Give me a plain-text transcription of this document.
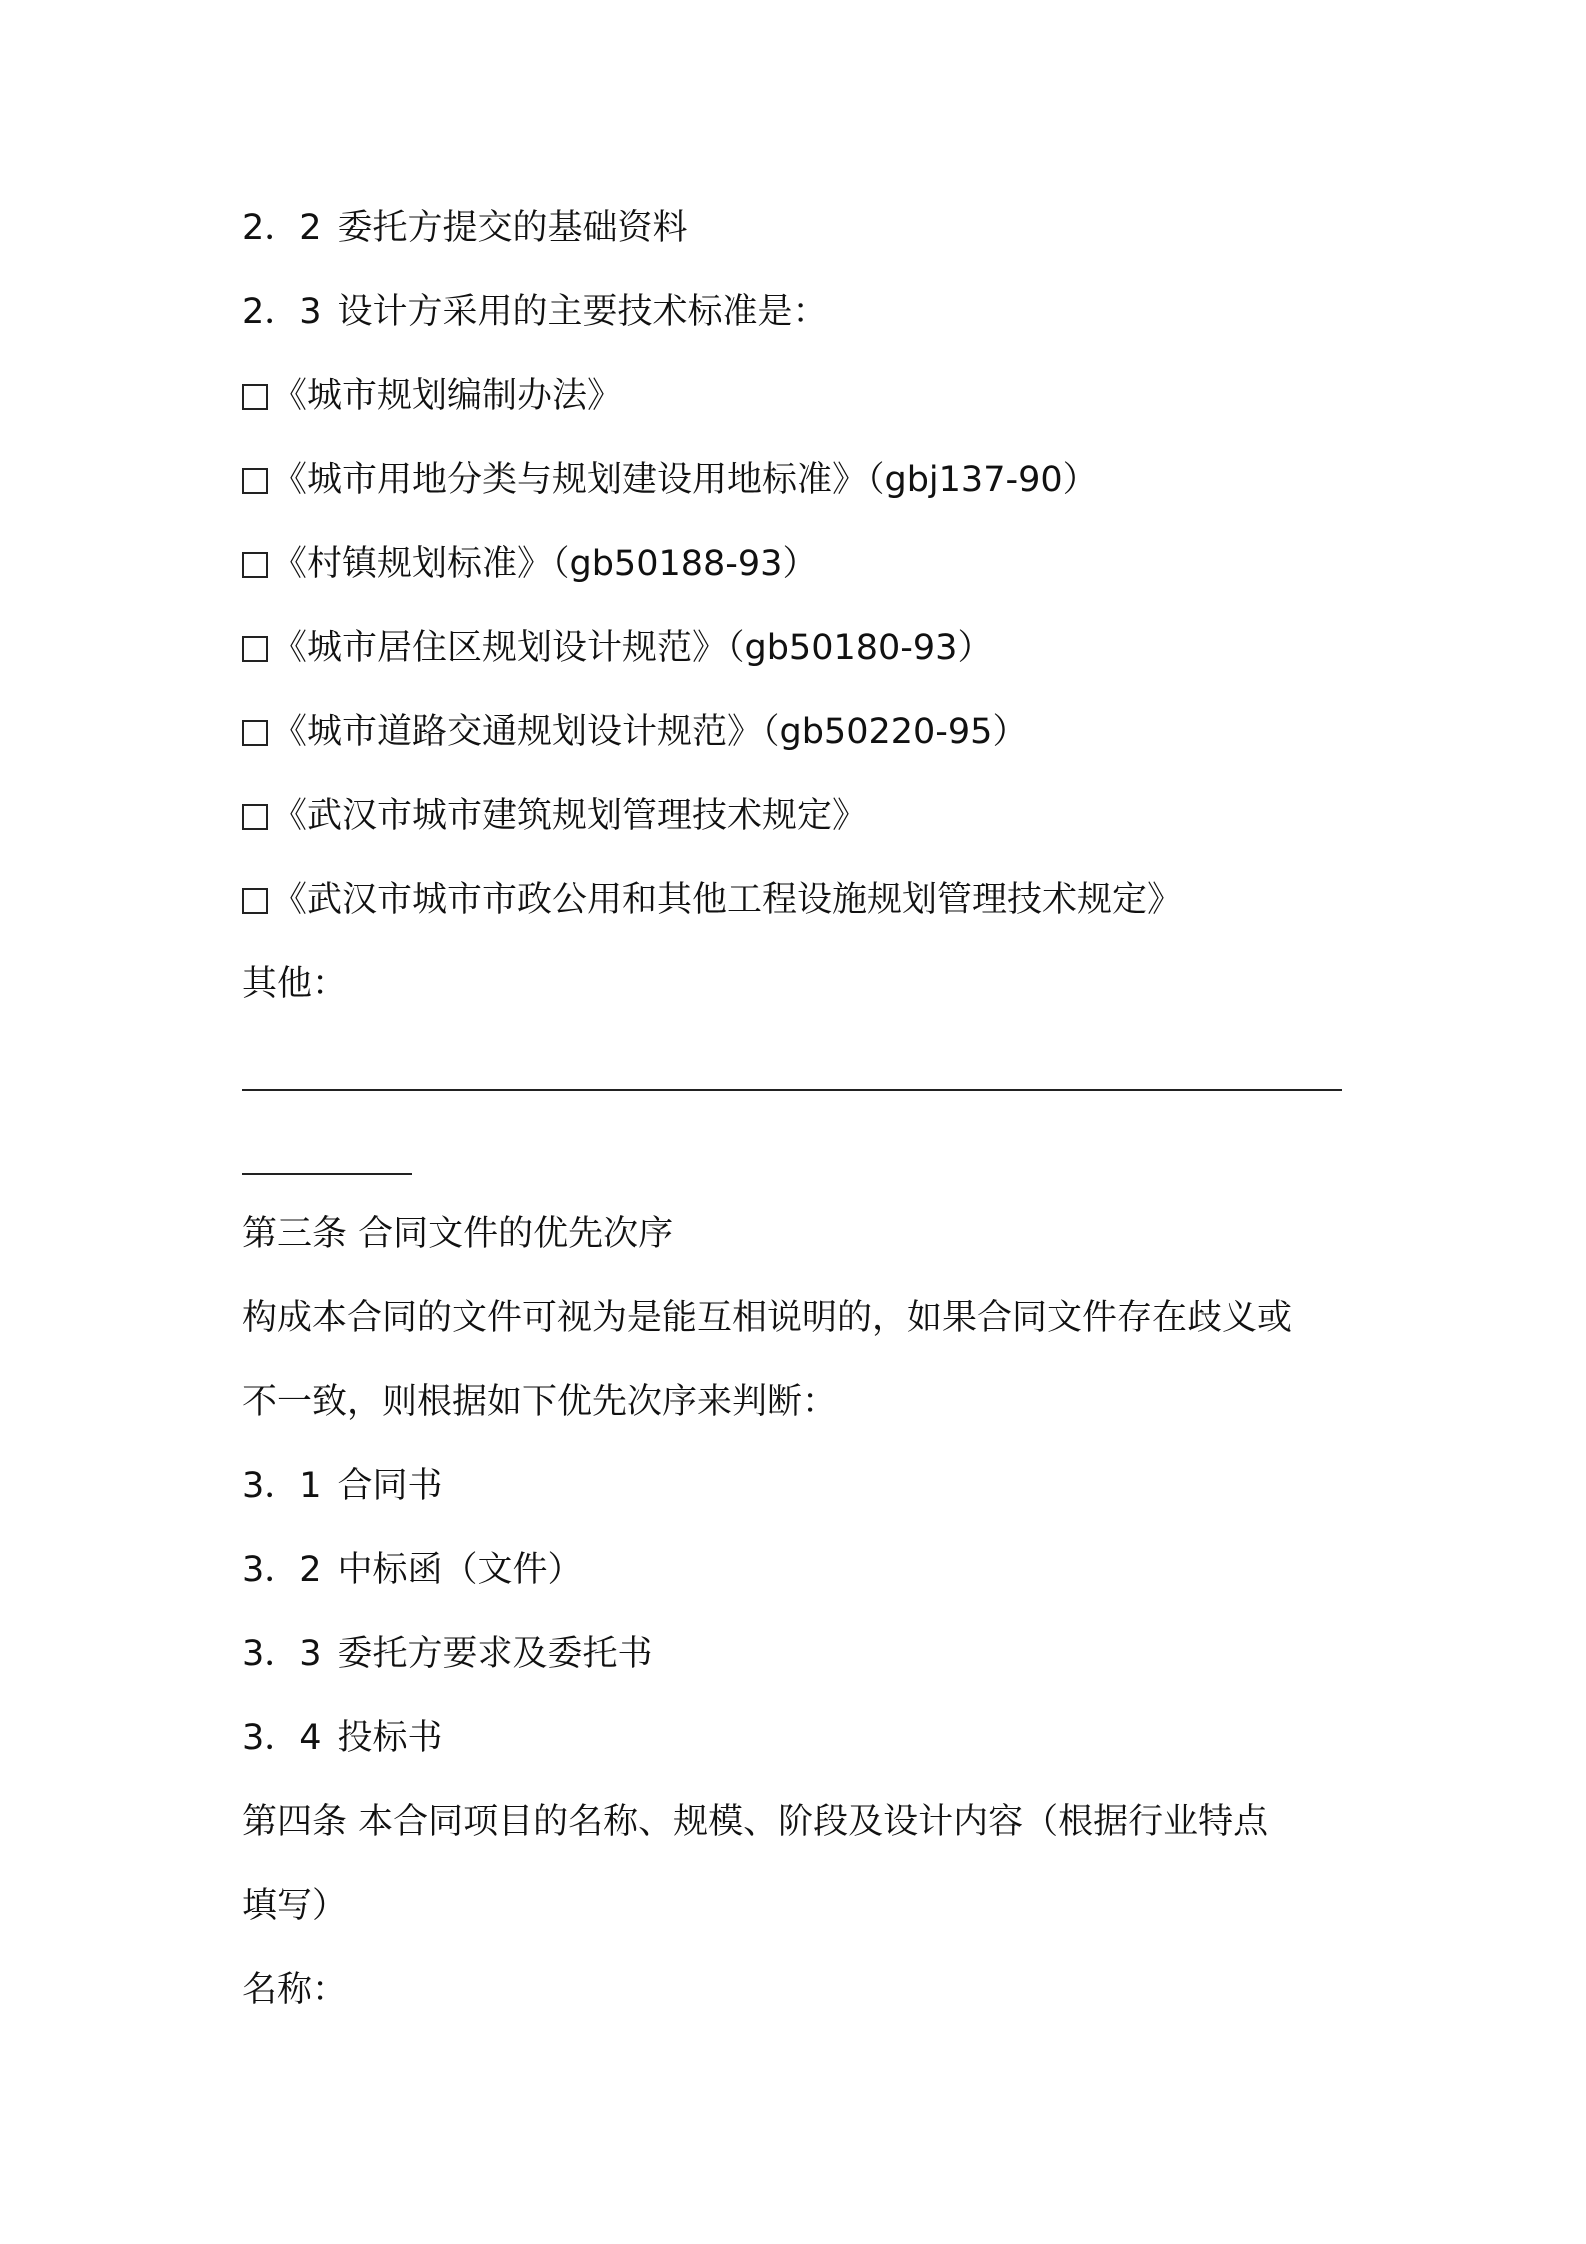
2．2 委托方提交的基础资料
2．3 设计方采用的主要技术标准是：
《城市规划编制办法》
《城市用地分类与规划建设用地标准》（gbj137-90）
《村镇规划标准》（gb50188-93）
《城市居住区规划设计规范》（gb50180-93）
《城市道路交通规划设计规范》（gb50220-95）
《武汉市城市建筑规划管理技术规定》
《武汉市城市市政公用和其他工程设施规划管理技术规定》
其他：
第三条 合同文件的优先次序
构成本合同的文件可视为是能互相说明的，如果合同文件存在歧义或
不一致，则根据如下优先次序来判断：
3．1 合同书
3．2 中标函（文件）
3．3 委托方要求及委托书
3．4 投标书
第四条 本合同项目的名称、规模、阶段及设计内容（根据行业特点
填写）
名称：
